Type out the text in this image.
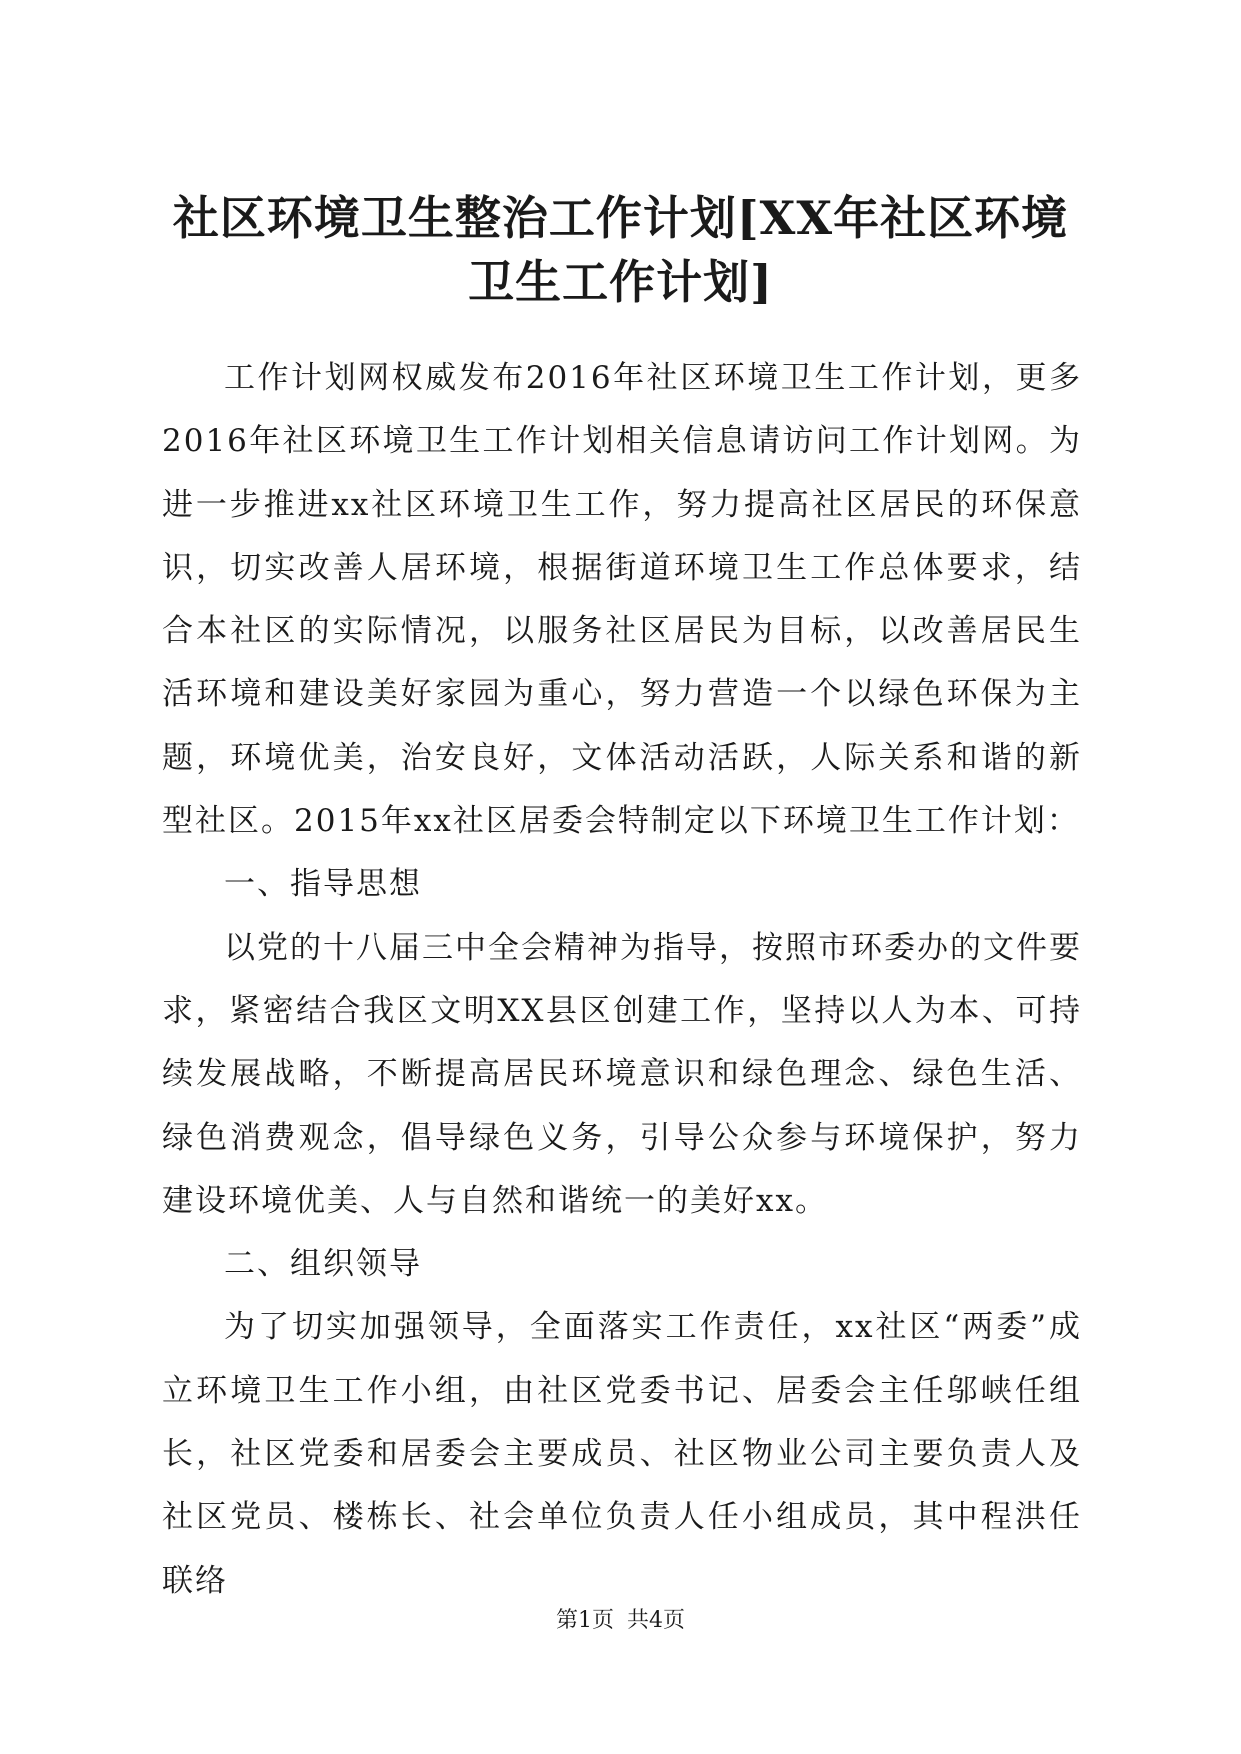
社区环境卫生整治工作计划[XX年社区环境卫生工作计划]

工作计划网权威发布2016年社区环境卫生工作计划，更多2016年社区环境卫生工作计划相关信息请访问工作计划网。为进一步推进xx社区环境卫生工作，努力提高社区居民的环保意识，切实改善人居环境，根据街道环境卫生工作总体要求，结合本社区的实际情况，以服务社区居民为目标，以改善居民生活环境和建设美好家园为重心，努力营造一个以绿色环保为主题，环境优美，治安良好，文体活动活跃，人际关系和谐的新型社区。2015年xx社区居委会特制定以下环境卫生工作计划：

一、指导思想

以党的十八届三中全会精神为指导，按照市环委办的文件要求，紧密结合我区文明XX县区创建工作，坚持以人为本、可持续发展战略，不断提高居民环境意识和绿色理念、绿色生活、绿色消费观念，倡导绿色义务，引导公众参与环境保护，努力建设环境优美、人与自然和谐统一的美好xx。

二、组织领导

为了切实加强领导，全面落实工作责任，xx社区“两委”成立环境卫生工作小组，由社区党委书记、居委会主任邬峡任组长，社区党委和居委会主要成员、社区物业公司主要负责人及社区党员、楼栋长、社会单位负责人任小组成员，其中程洪任联络

第1页 共4页
